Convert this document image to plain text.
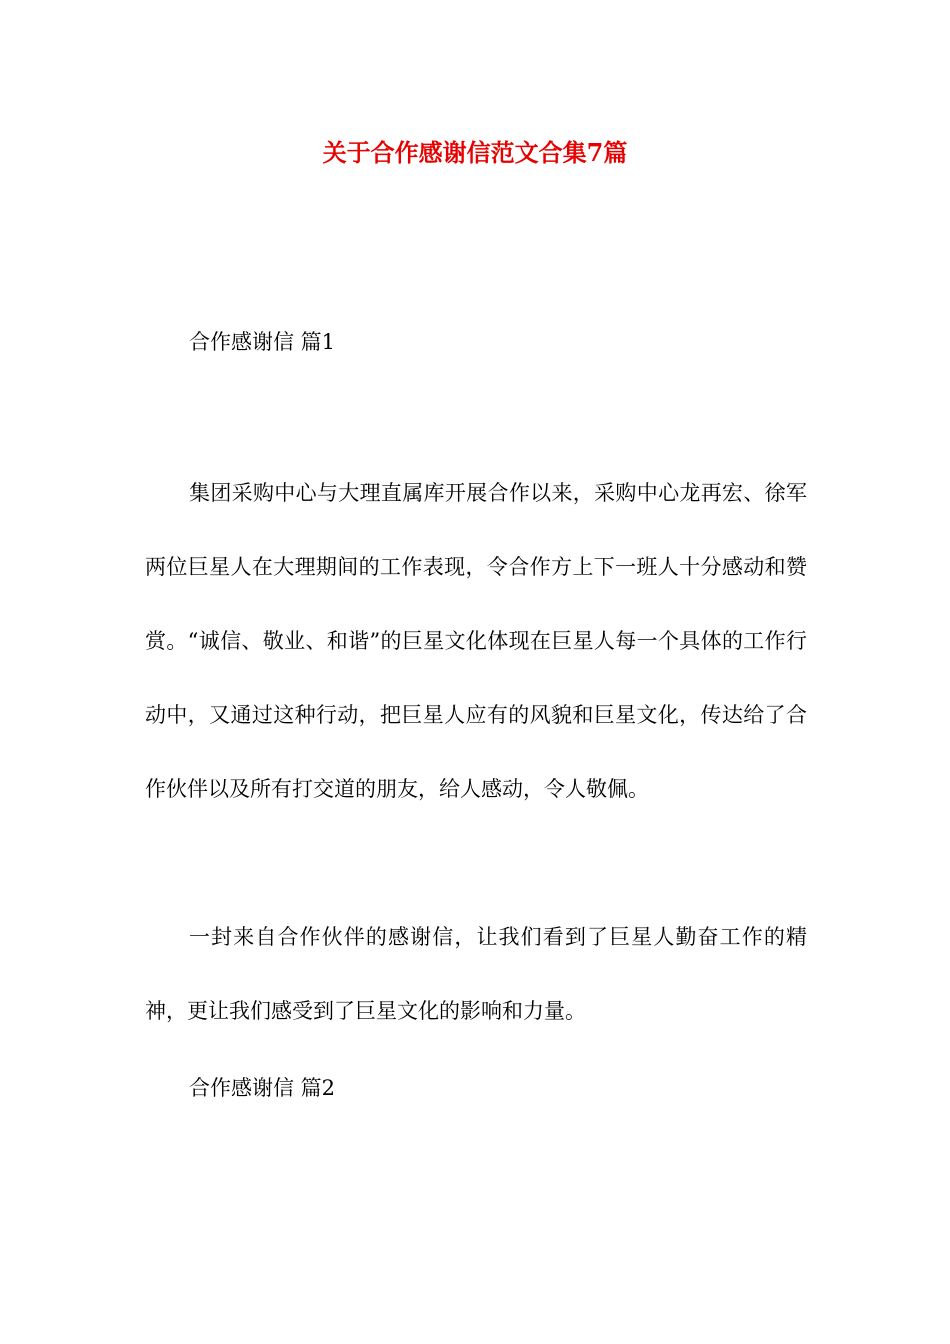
关于合作感谢信范文合集7篇
合作感谢信 篇1
集团采购中心与大理直属库开展合作以来，采购中心龙再宏、徐军两位巨星人在大理期间的工作表现，令合作方上下一班人十分感动和赞赏。“诚信、敬业、和谐”的巨星文化体现在巨星人每一个具体的工作行动中，又通过这种行动，把巨星人应有的风貌和巨星文化，传达给了合作伙伴以及所有打交道的朋友，给人感动，令人敬佩。
一封来自合作伙伴的感谢信，让我们看到了巨星人勤奋工作的精神，更让我们感受到了巨星文化的影响和力量。
合作感谢信 篇2
